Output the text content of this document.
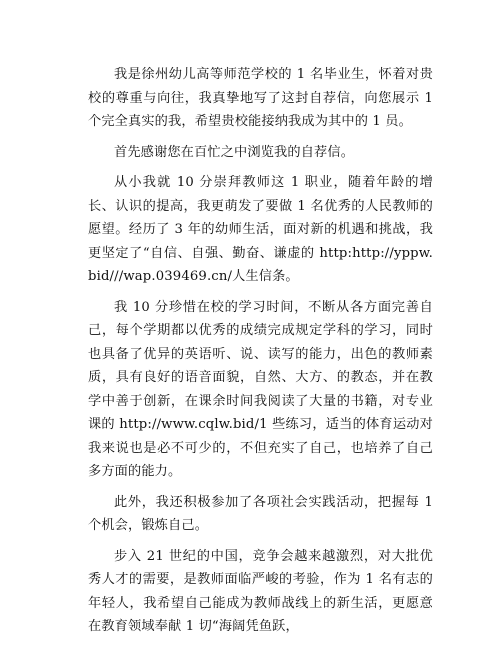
我是徐州幼儿高等师范学校的 1 名毕业生，怀着对贵校的尊重与向往，我真挚地写了这封自荐信，向您展示 1 个完全真实的我，希望贵校能接纳我成为其中的 1 员。

首先感谢您在百忙之中浏览我的自荐信。

从小我就 10 分崇拜教师这 1 职业，随着年龄的增长、认识的提高，我更萌发了要做 1 名优秀的人民教师的愿望。经历了 3 年的幼师生活，面对新的机遇和挑战，我更坚定了“自信、自强、勤奋、谦虚的 http:http://yppw.bid///wap.039469.cn/人生信条。

我 10 分珍惜在校的学习时间，不断从各方面完善自己，每个学期都以优秀的成绩完成规定学科的学习，同时也具备了优异的英语听、说、读写的能力，出色的教师素质，具有良好的语音面貌，自然、大方、的教态，并在教学中善于创新，在课余时间我阅读了大量的书籍，对专业课的 http://www.cqlw.bid/1 些练习，适当的体育运动对我来说也是必不可少的，不但充实了自己，也培养了自己多方面的能力。

此外，我还积极参加了各项社会实践活动，把握每 1 个机会，锻炼自己。

步入 21 世纪的中国，竞争会越来越激烈，对大批优秀人才的需要，是教师面临严峻的考验，作为 1 名有志的年轻人，我希望自己能成为教师战线上的新生活，更愿意在教育领域奉献 1 切“海阔凭鱼跃，
